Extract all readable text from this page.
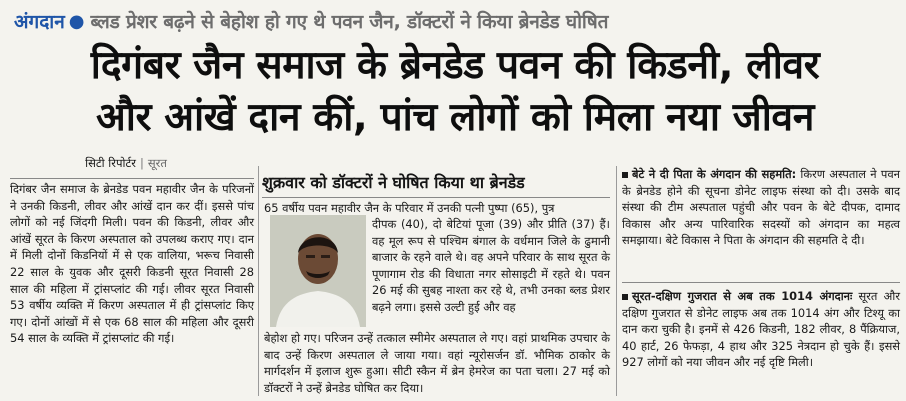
अंगदान ● ब्लड प्रेशर बढ़ने से बेहोश हो गए थे पवन जैन, डॉक्टरों ने किया ब्रेनडेड घोषित
दिगंबर जैन समाज के ब्रेनडेड पवन की किडनी, लीवर
और आंखें दान कीं, पांच लोगों को मिला नया जीवन
सिटी रिपोर्टर | सूरत
दिगंबर जैन समाज के ब्रेनडेड पवन महावीर जैन के परिजनों ने उनकी किडनी, लीवर और आंखें दान कर दीं। इससे पांच लोगों को नई जिंदगी मिली। पवन की किडनी, लीवर और आंखें सूरत के किरण अस्पताल को उपलब्ध कराए गए। दान में मिली दोनों किडनियों में से एक वालिया, भरूच निवासी 22 साल के युवक और दूसरी किडनी सूरत निवासी 28 साल की महिला में ट्रांसप्लांट की गई। लीवर सूरत निवासी 53 वर्षीय व्यक्ति में किरण अस्पताल में ही ट्रांसप्लांट किए गए। दोनों आंखों में से एक 68 साल की महिला और दूसरी 54 साल के व्यक्ति में ट्रांसप्लांट की गई।
शुक्रवार को डॉक्टरों ने घोषित किया था ब्रेनडेड
65 वर्षीय पवन महावीर जैन के परिवार में उनकी पत्नी पुष्पा (65), पुत्र
दीपक (40), दो बेटियां पूजा (39) और प्रीति (37) हैं। वह मूल रूप से पश्चिम बंगाल के वर्धमान जिले के ढुमानी बाजार के रहने वाले थे। वह अपने परिवार के साथ सूरत के पूणागाम रोड की विधाता नगर सोसाइटी में रहते थे। पवन 26 मई की सुबह नाश्ता कर रहे थे, तभी उनका ब्लड प्रेशर बढ़ने लगा। इससे उल्टी हुई और वह
बेहोश हो गए। परिजन उन्हें तत्काल स्मीमेर अस्पताल ले गए। वहां प्राथमिक उपचार के बाद उन्हें किरण अस्पताल ले जाया गया। वहां न्यूरोसर्जन डॉ. भौमिक ठाकोर के मार्गदर्शन में इलाज शुरू हुआ। सीटी स्कैन में ब्रेन हेमरेज का पता चला। 27 मई को डॉक्टरों ने उन्हें ब्रेनडेड घोषित कर दिया।
बेटे ने दी पिता के अंगदान की सहमति: किरण अस्पताल ने पवन के ब्रेनडेड होने की सूचना डोनेट लाइफ संस्था को दी। उसके बाद संस्था की टीम अस्पताल पहुंची और पवन के बेटे दीपक, दामाद विकास और अन्य पारिवारिक सदस्यों को अंगदान का महत्व समझाया। बेटे विकास ने पिता के अंगदान की सहमति दे दी।
सूरत-दक्षिण गुजरात से अब तक 1014 अंगदानः सूरत और दक्षिण गुजरात से डोनेट लाइफ अब तक 1014 अंग और टिश्यू का दान करा चुकी है। इनमें से 426 किडनी, 182 लीवर, 8 पैंक्रियाज, 40 हार्ट, 26 फेफड़ा, 4 हाथ और 325 नेत्रदान हो चुके हैं। इससे 927 लोगों को नया जीवन और नई दृष्टि मिली।
